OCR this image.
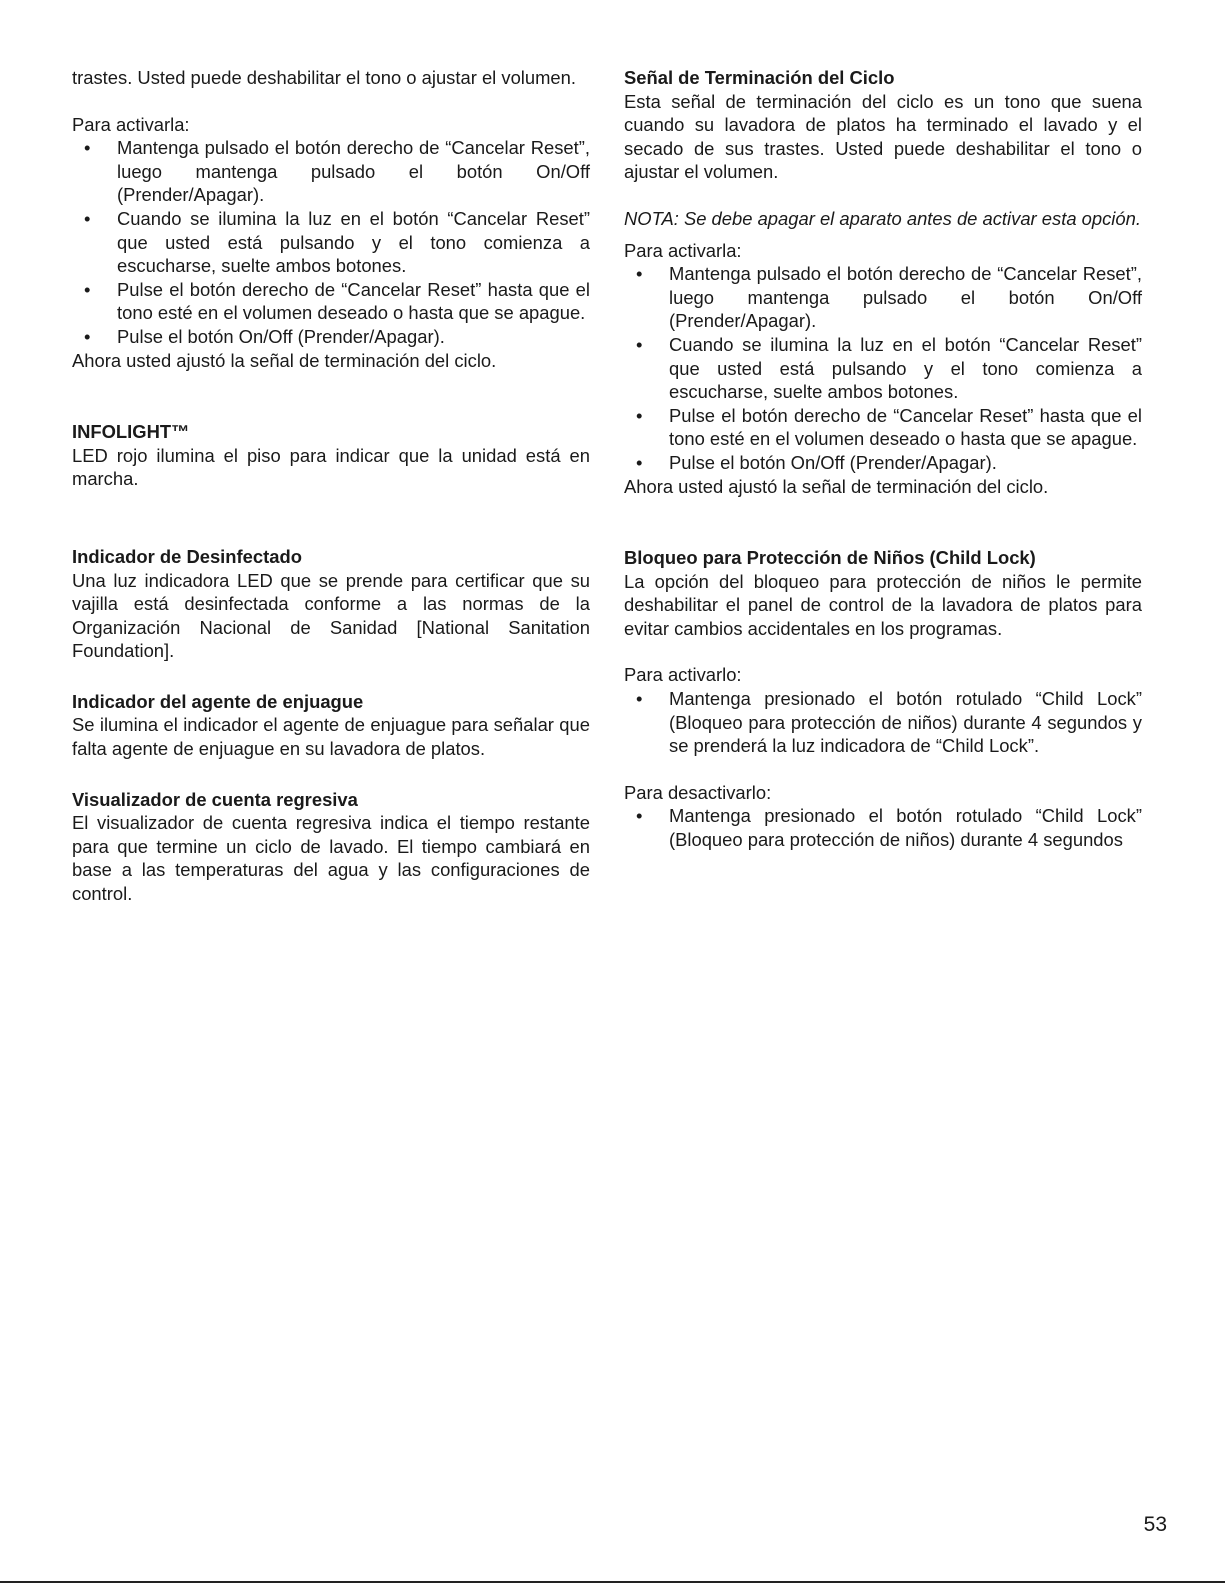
trastes. Usted puede deshabilitar el tono o ajustar el volumen.

Para activarla:

• Mantenga pulsado el botón derecho de “Cancelar Reset”, luego mantenga pulsado el botón On/Off (Prender/Apagar).
• Cuando se ilumina la luz en el botón “Cancelar Reset” que usted está pulsando y el tono comienza a escucharse, suelte ambos botones.
• Pulse el botón derecho de “Cancelar Reset” hasta que el tono esté en el volumen deseado o hasta que se apague.
• Pulse el botón On/Off (Prender/Apagar).

Ahora usted ajustó la señal de terminación del ciclo.

INFOLIGHT™

LED rojo ilumina el piso para indicar que la unidad está en marcha.

Indicador de Desinfectado

Una luz indicadora LED que se prende para certificar que su vajilla está desinfectada conforme a las normas de la Organización Nacional de Sanidad [National Sanitation Foundation].

Indicador del agente de enjuague

Se ilumina el indicador el agente de enjuague para señalar que falta agente de enjuague en su lavadora de platos.

Visualizador de cuenta regresiva

El visualizador de cuenta regresiva indica el tiempo restante para que termine un ciclo de lavado. El tiempo cambiará en base a las temperaturas del agua y las configuraciones de control.

Señal de Terminación del Ciclo

Esta señal de terminación del ciclo es un tono que suena cuando su lavadora de platos ha terminado el lavado y el secado de sus trastes. Usted puede deshabilitar el tono o ajustar el volumen.

NOTA: Se debe apagar el aparato antes de activar esta opción.

Para activarla:

• Mantenga pulsado el botón derecho de “Cancelar Reset”, luego mantenga pulsado el botón On/Off (Prender/Apagar).
• Cuando se ilumina la luz en el botón “Cancelar Reset” que usted está pulsando y el tono comienza a escucharse, suelte ambos botones.
• Pulse el botón derecho de “Cancelar Reset” hasta que el tono esté en el volumen deseado o hasta que se apague.
• Pulse el botón On/Off (Prender/Apagar).

Ahora usted ajustó la señal de terminación del ciclo.

Bloqueo para Protección de Niños (Child Lock)

La opción del bloqueo para protección de niños le permite deshabilitar el panel de control de la lavadora de platos para evitar cambios accidentales en los programas.

Para activarlo:

• Mantenga presionado el botón rotulado “Child Lock” (Bloqueo para protección de niños) durante 4 segundos y se prenderá la luz indicadora de “Child Lock”.

Para desactivarlo:

• Mantenga presionado el botón rotulado “Child Lock” (Bloqueo para protección de niños) durante 4 segundos
53
